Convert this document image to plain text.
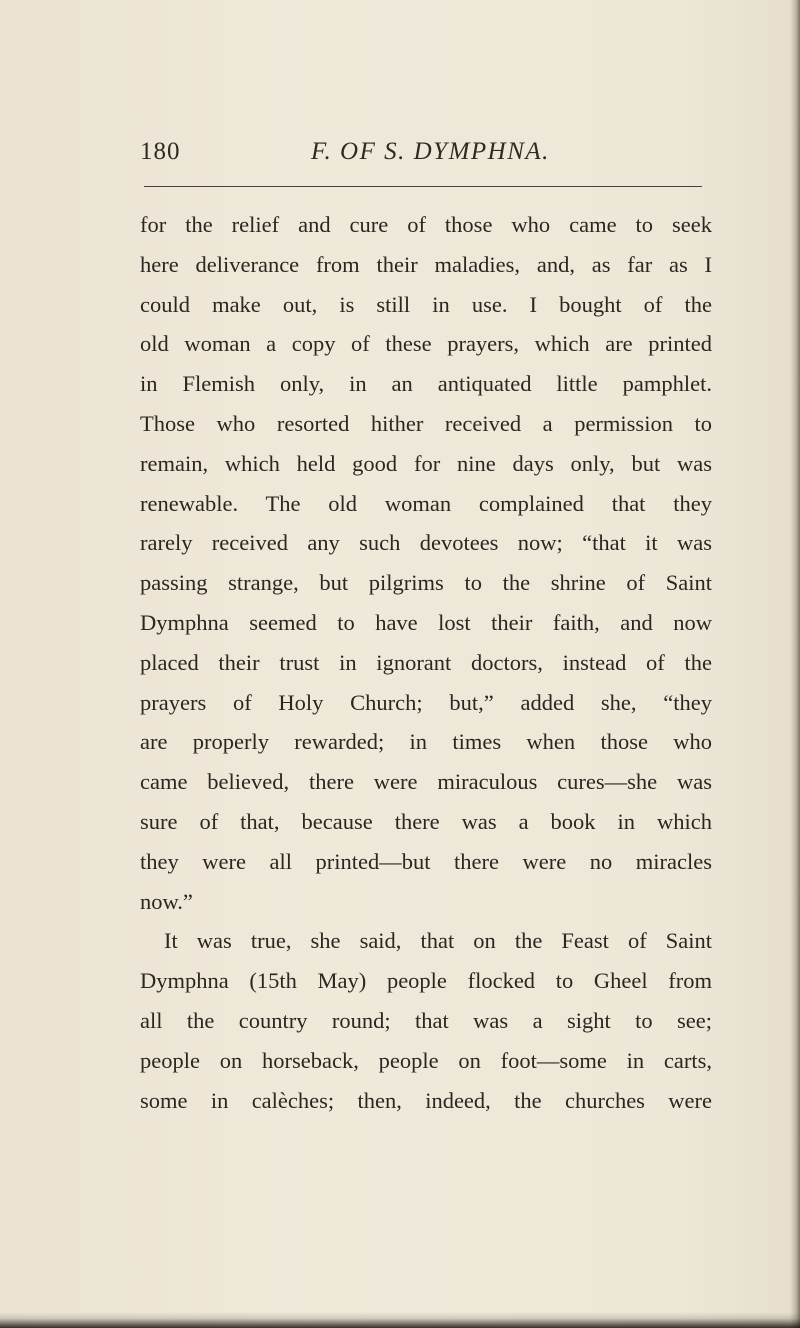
180	F. OF S. DYMPHNA.
for the relief and cure of those who came to seek
here deliverance from their maladies, and, as far as I
could make out, is still in use. I bought of the
old woman a copy of these prayers, which are printed
in Flemish only, in an antiquated little pamphlet.
Those who resorted hither received a permission to
remain, which held good for nine days only, but was
renewable. The old woman complained that they
rarely received any such devotees now; “that it was
passing strange, but pilgrims to the shrine of Saint
Dymphna seemed to have lost their faith, and now
placed their trust in ignorant doctors, instead of the
prayers of Holy Church; but,” added she, “they
are properly rewarded; in times when those who
came believed, there were miraculous cures—she was
sure of that, because there was a book in which
they were all printed—but there were no miracles
now.”
It was true, she said, that on the Feast of Saint
Dymphna (15th May) people flocked to Gheel from
all the country round; that was a sight to see;
people on horseback, people on foot—some in carts,
some in calèches; then, indeed, the churches were
